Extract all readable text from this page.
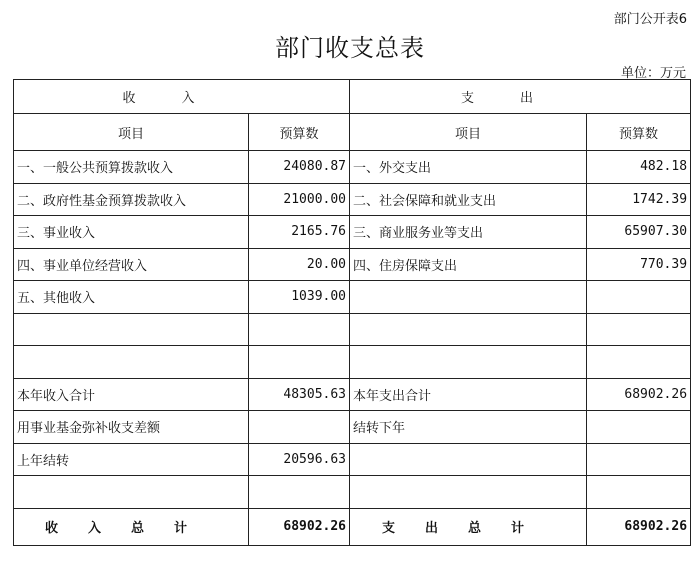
部门公开表6
部门收支总表
单位：万元
收入		支出	
项目	预算数	项目	预算数
一、一般公共预算拨款收入	24080.87	一、外交支出	482.18
二、政府性基金预算拨款收入	21000.00	二、社会保障和就业支出	1742.39
三、事业收入	2165.76	三、商业服务业等支出	65907.30
四、事业单位经营收入	20.00	四、住房保障支出	770.39
五、其他收入	1039.00		

本年收入合计	48305.63	本年支出合计	68902.26
用事业基金弥补收支差额		结转下年	
上年结转	20596.63		

收入总计	68902.26	支出总计	68902.26
